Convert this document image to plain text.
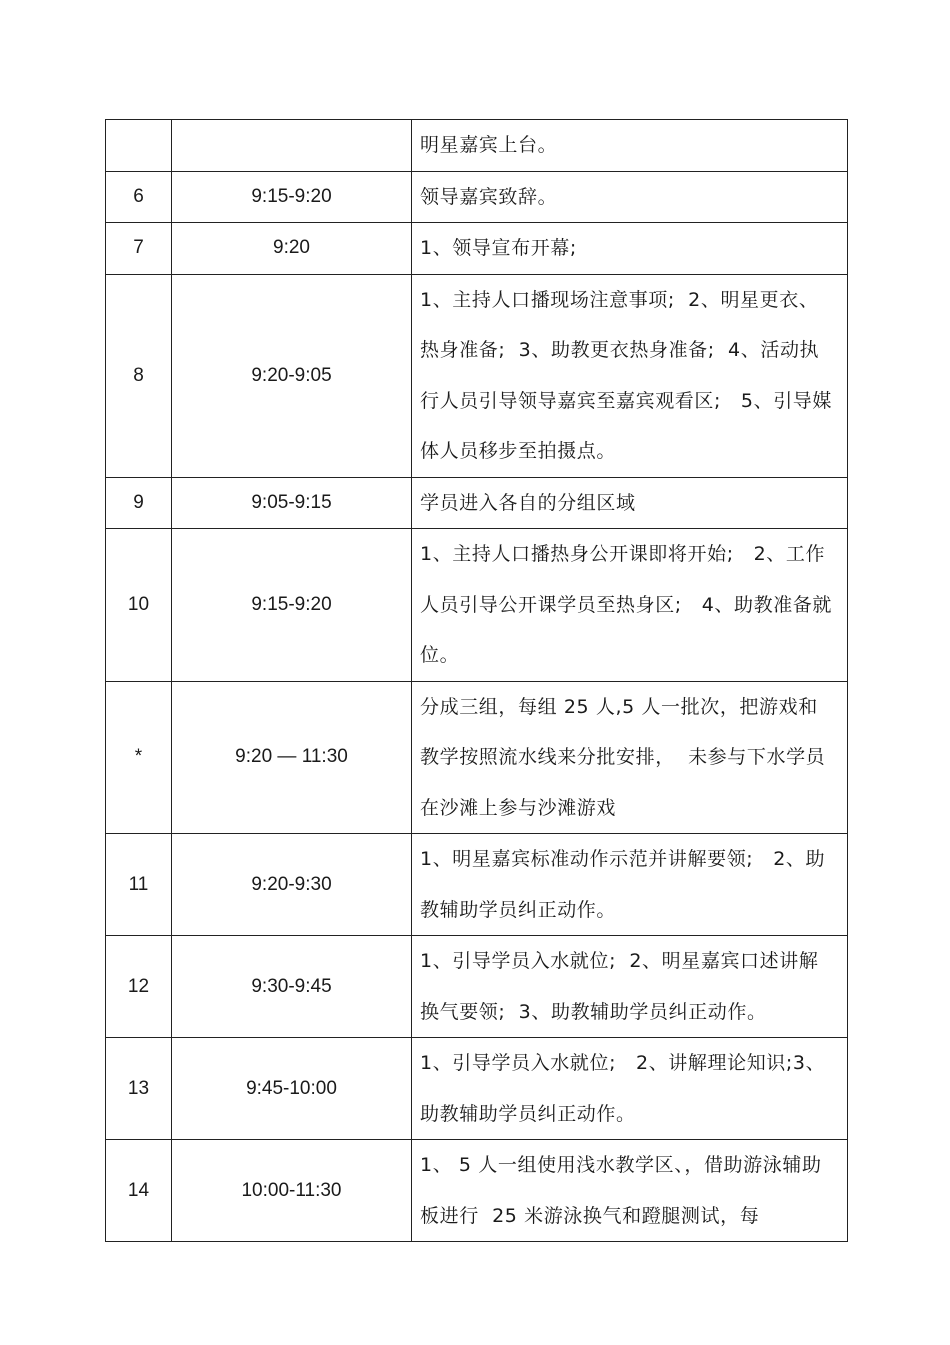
		明星嘉宾上台。
6	9:15-9:20	领导嘉宾致辞。
7	9:20	1、领导宣布开幕;
8	9:20-9:05	1、主持人口播现场注意事项;  2、明星更衣、热身准备;  3、助教更衣热身准备;  4、活动执行人员引导领导嘉宾至嘉宾观看区;   5、引导媒体人员移步至拍摄点。
9	9:05-9:15	学员进入各自的分组区域
10	9:15-9:20	1、主持人口播热身公开课即将开始;   2、工作人员引导公开课学员至热身区;   4、助教准备就位。
*	9:20 — 11:30	分成三组，每组 25 人,5 人一批次，把游戏和教学按照流水线来分批安排，  未参与下水学员在沙滩上参与沙滩游戏
11	9:20-9:30	1、明星嘉宾标准动作示范并讲解要领;   2、助教辅助学员纠正动作。
12	9:30-9:45	1、引导学员入水就位;  2、明星嘉宾口述讲解换气要领;  3、助教辅助学员纠正动作。
13	9:45-10:00	1、引导学员入水就位;   2、讲解理论知识;3、助教辅助学员纠正动作。
14	10:00-11:30	1、 5 人一组使用浅水教学区、，借助游泳辅助板进行  25 米游泳换气和蹬腿测试，每
